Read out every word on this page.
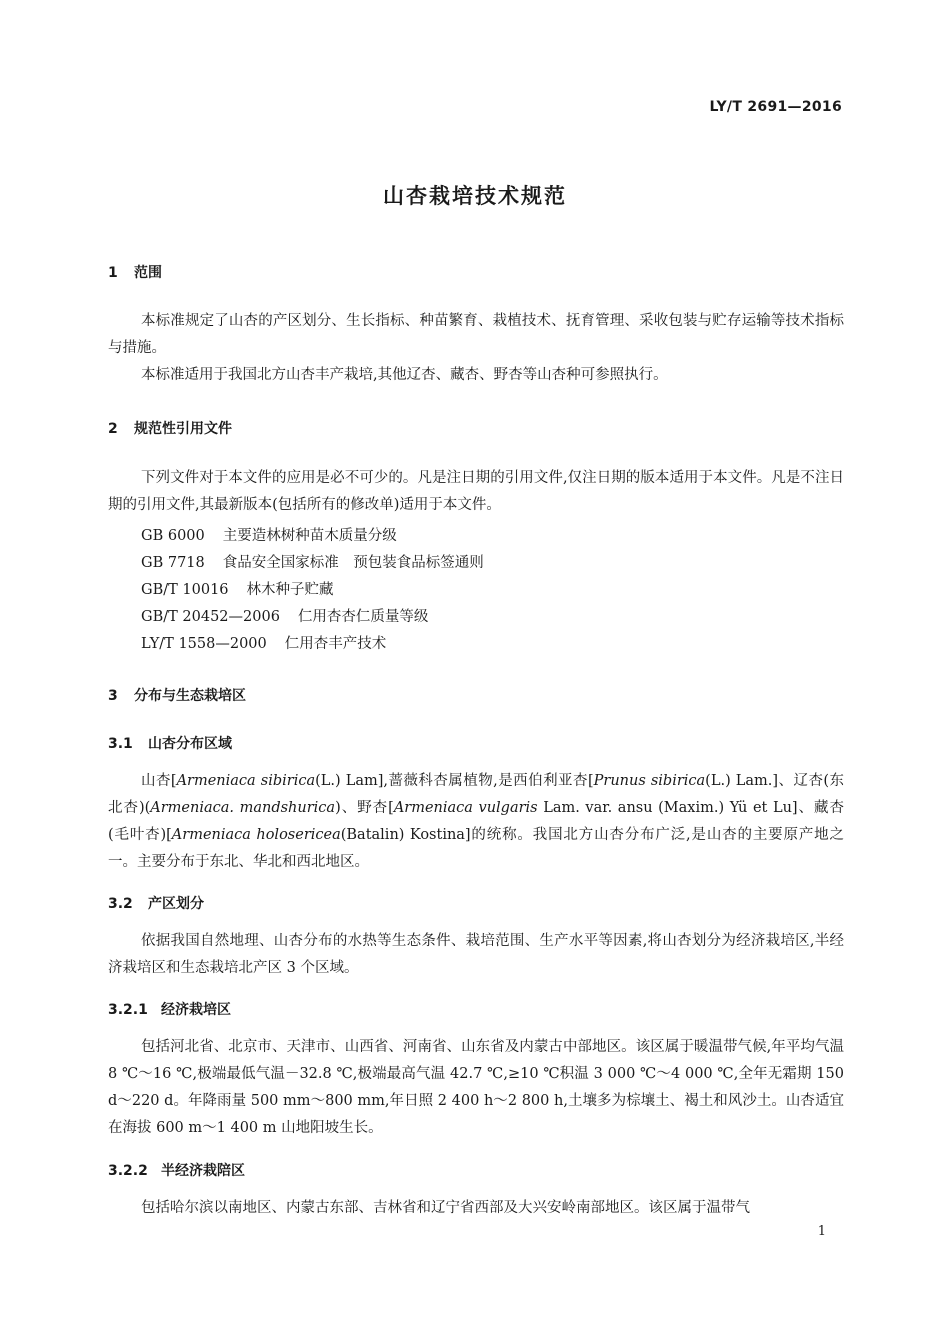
LY/T 2691—2016
山杏栽培技术规范
1 范围
本标准规定了山杏的产区划分、生长指标、种苗繁育、栽植技术、抚育管理、采收包装与贮存运输等技术指标与措施。
本标准适用于我国北方山杏丰产栽培,其他辽杏、藏杏、野杏等山杏种可参照执行。
2 规范性引用文件
下列文件对于本文件的应用是必不可少的。凡是注日期的引用文件,仅注日期的版本适用于本文件。凡是不注日期的引用文件,其最新版本(包括所有的修改单)适用于本文件。
GB 6000 主要造林树种苗木质量分级
GB 7718 食品安全国家标准　预包装食品标签通则
GB/T 10016 林木种子贮藏
GB/T 20452—2006 仁用杏杏仁质量等级
LY/T 1558—2000 仁用杏丰产技术
3 分布与生态栽培区
3.1 山杏分布区域
山杏[Armeniaca sibirica(L.) Lam],蔷薇科杏属植物,是西伯利亚杏[Prunus sibirica(L.) Lam.]、辽杏(东北杏)(Armeniaca. mandshurica)、野杏[Armeniaca vulgaris Lam. var. ansu (Maxim.) Yü et Lu]、藏杏(毛叶杏)[Armeniaca holosericea(Batalin) Kostina]的统称。我国北方山杏分布广泛,是山杏的主要原产地之一。主要分布于东北、华北和西北地区。
3.2 产区划分
依据我国自然地理、山杏分布的水热等生态条件、栽培范围、生产水平等因素,将山杏划分为经济栽培区,半经济栽培区和生态栽培北产区 3 个区域。
3.2.1 经济栽培区
包括河北省、北京市、天津市、山西省、河南省、山东省及内蒙古中部地区。该区属于暖温带气候,年平均气温 8 ℃～16 ℃,极端最低气温－32.8 ℃,极端最高气温 42.7 ℃,≥10 ℃积温 3 000 ℃～4 000 ℃,全年无霜期 150 d～220 d。年降雨量 500 mm～800 mm,年日照 2 400 h～2 800 h,土壤多为棕壤土、褐土和风沙土。山杏适宜在海拔 600 m～1 400 m 山地阳坡生长。
3.2.2 半经济栽陪区
包括哈尔滨以南地区、内蒙古东部、吉林省和辽宁省西部及大兴安岭南部地区。该区属于温带气
1
